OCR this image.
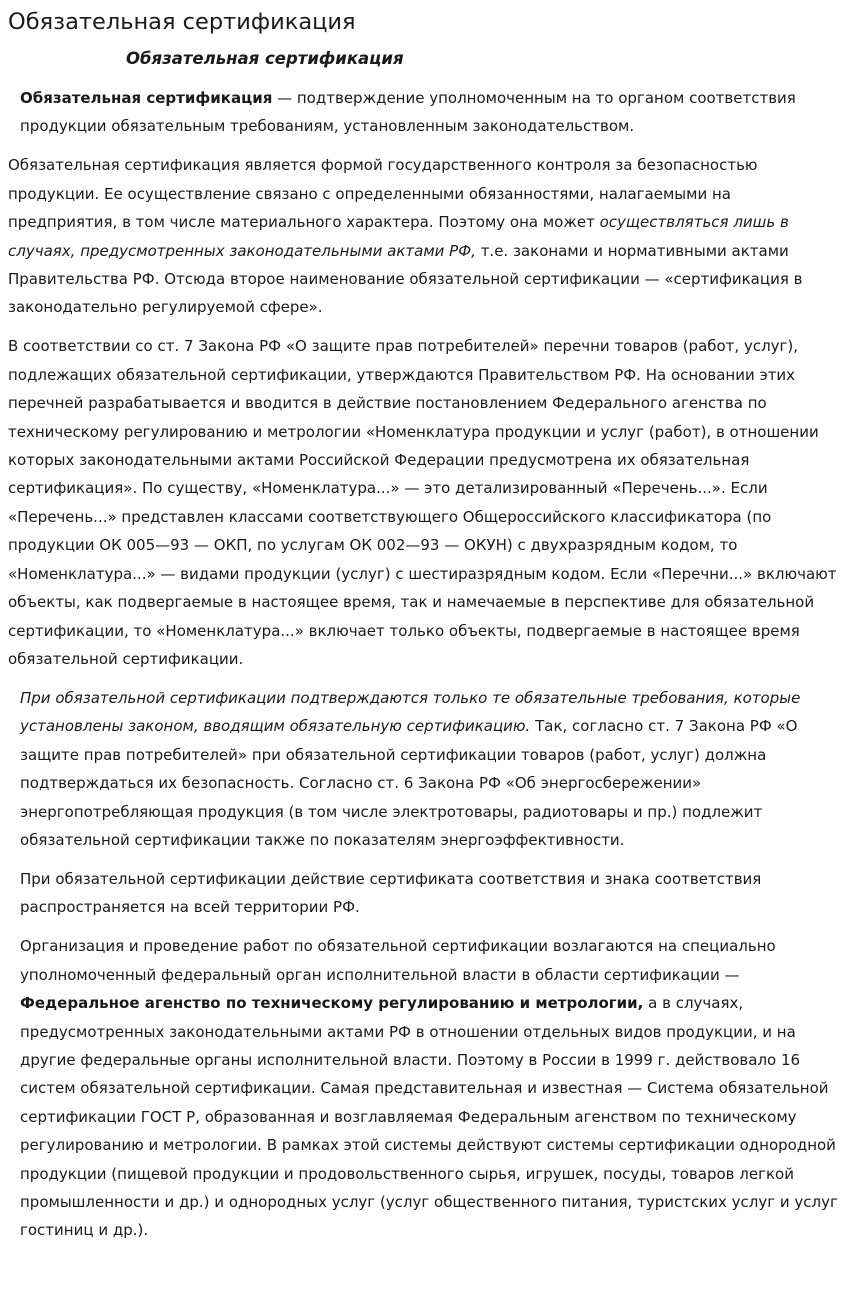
Обязательная сертификация
Обязательная сертификация

Обязательная сертификация — подтверждение уполномоченным на то органом соответствия продукции обязательным требованиям, установленным законодательством.

Обязательная сертификация является формой государственного контроля за безопасностью продукции. Ее осуществление связано с определенными обязанностями, налагаемыми на предприятия, в том числе материального характера. Поэтому она может осуществляться лишь в случаях, предусмотренных законодательными актами РФ, т.е. законами и нормативными актами Правительства РФ. Отсюда второе наименование обязательной сертификации — «сертификация в законодательно регулируемой сфере».

В соответствии со ст. 7 Закона РФ «О защите прав потребителей» перечни товаров (работ, услуг), подлежащих обязательной сертификации, утверждаются Правительством РФ. На основании этих перечней разрабатывается и вводится в действие постановлением Федерального агенства по техническому регулированию и метрологии «Номенклатура продукции и услуг (работ), в отношении которых законодательными актами Российской Федерации предусмотрена их обязательная сертификация». По существу, «Номенклатура...» — это детализированный «Перечень...». Если «Перечень...» представлен классами соответствующего Общероссийского классификатора (по продукции ОК 005—93 — ОКП, по услугам ОК 002—93 — ОКУН) с двухразрядным кодом, то «Номенклатура...» — видами продукции (услуг) с шестиразрядным кодом. Если «Перечни...» включают объекты, как подвергаемые в настоящее время, так и намечаемые в перспективе для обязательной сертификации, то «Номенклатура...» включает только объекты, подвергаемые в настоящее время обязательной сертификации.

При обязательной сертификации подтверждаются только те обязательные требования, которые установлены законом, вводящим обязательную сертификацию. Так, согласно ст. 7 Закона РФ «О защите прав потребителей» при обязательной сертификации товаров (работ, услуг) должна подтверждаться их безопасность. Согласно ст. 6 Закона РФ «Об энергосбережении» энергопотребляющая продукция (в том числе электротовары, радиотовары и пр.) подлежит обязательной сертификации также по показателям энергоэффективности.

При обязательной сертификации действие сертификата соответствия и знака соответствия распространяется на всей территории РФ.

Организация и проведение работ по обязательной сертификации возлагаются на специально уполномоченный федеральный орган исполнительной власти в области сертификации —Федеральное агенство по техническому регулированию и метрологии, а в случаях, предусмотренных законодательными актами РФ в отношении отдельных видов продукции, и на другие федеральные органы исполнительной власти. Поэтому в России в 1999 г. действовало 16 систем обязательной сертификации. Самая представительная и известная — Система обязательной сертификации ГОСТ Р, образованная и возглавляемая Федеральным агенством по техническому регулированию и метрологии. В рамках этой системы действуют системы сертификации однородной продукции (пищевой продукции и продовольственного сырья, игрушек, посуды, товаров легкой промышленности и др.) и однородных услуг (услуг общественного питания, туристских услуг и услуг гостиниц и др.).
